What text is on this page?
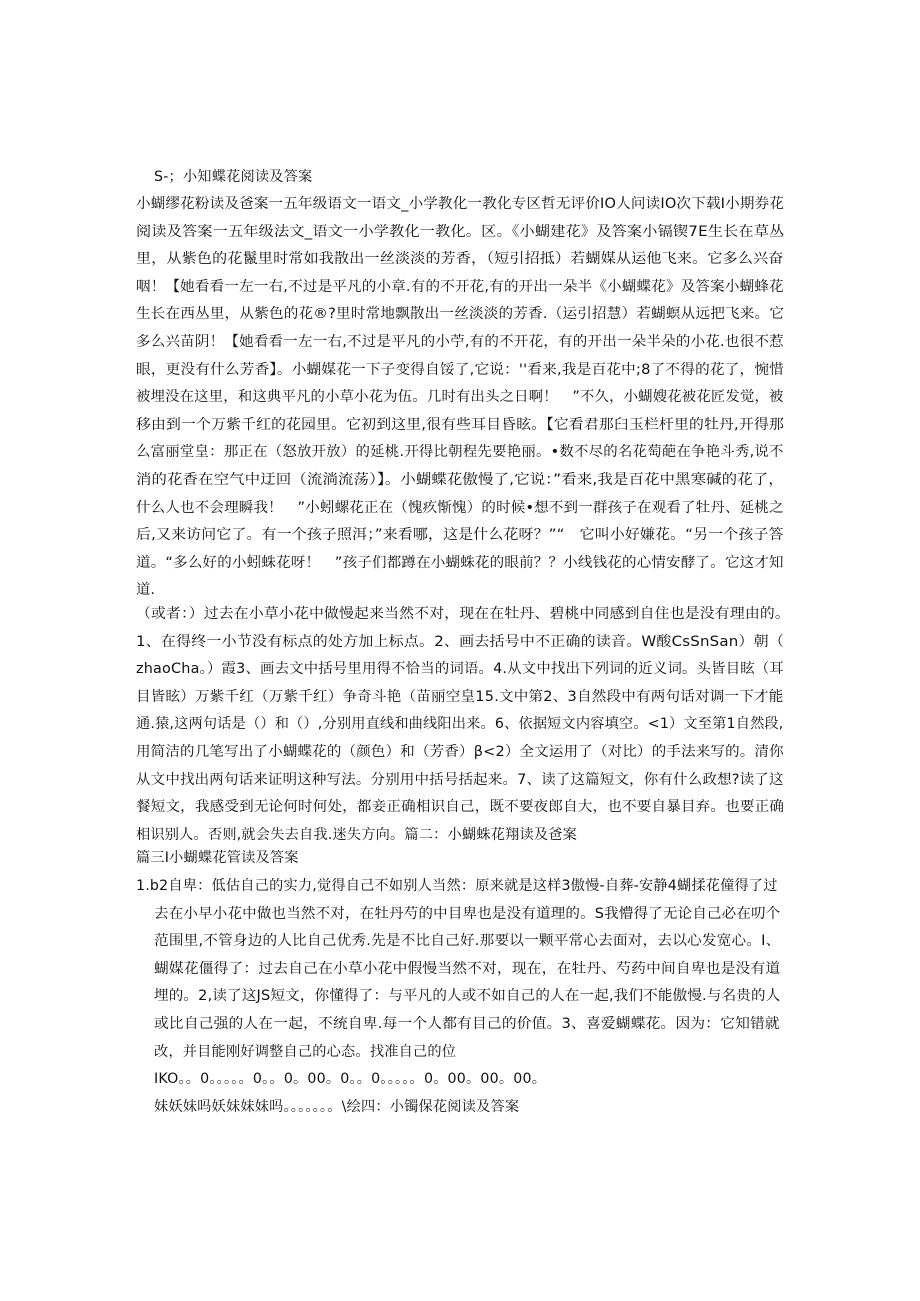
S-；小知蝶花阅读及答案
小蝴缪花粉读及爸案一五年级语文一语文_小学教化一教化专区哲无评价IO人问读IO次下载I小期券花
阅读及答案一五年级法文_语文一小学教化一教化。区。《小蝴建花》及答案小镉锲7E生长在草丛
里，从紫色的花鬣里时常如我散出一丝淡淡的芳香，（短引招抵）若蝴媒从运他飞来。它多么兴奋
咽！【她看看一左一右,不过是平凡的小章.有的不开花,有的开出一朵半《小蝴蝶花》及答案小蝴蜂花
生长在西丛里，从紫色的花®?里时常地飘散出一丝淡淡的芳香.（运引招慧）若蝴螟从远把飞来。它
多么兴苗阴！【她看看一左一右,不过是平凡的小苧,有的不开花，有的开出一朵半朵的小花.也很不惹
眼，更没有什么芳香】。小蝴媒花一下子变得自馁了,它说：''看来,我是百花中;8了不得的花了，惋惜
被埋没在这里，和这典平凡的小草小花为伍。几时有出头之日啊！　”不久，小蝴嫂花被花匠发觉，被
移由到一个万紫千红的花园里。它初到这里,很有些耳目昏眩。【它看君那臼玉栏杆里的牡丹,开得那
么富丽堂皇：那正在（怒放开放）的延桃.开得比朝程先要艳丽。•数不尽的名花萄葩在争艳斗秀,说不
消的花香在空气中迂回（流淌流荡）】。小蝴蝶花傲慢了,它说：”看来,我是百花中黑寒碱的花了，
什么人也不会理瞬我！　”小蚓螺花正在（愧疚惭愧）的时候•想不到一群孩子在观看了牡丹、延桃之
后,又来访问它了。有一个孩子照洱；”来看哪，这是什么花呀？”“　它叫小好嫌花。“另一个孩子答
道。“多么好的小蚓蛛花呀！　”孩子们都蹲在小蝴蛛花的眼前？？小线钱花的心情安酵了。它这才知
道.
（或者：）过去在小草小花中做慢起来当然不对，现在在牡丹、碧桃中同感到自住也是没有理由的。
1、在得终一小节没有标点的处方加上标点。2、画去括号中不正确的读音。W酸CsSnSan）朝（
zhaoCha。）霞3、画去文中括号里用得不恰当的词语。4.从文中找出下列词的近义词。头皆目眩（耳
目皆眩）万紫千红（万紫千红）争奇斗艳（苗丽空皇15.文中第2、3自然段中有两句话对调一下才能
通.猿,这两句话是（）和（）,分别用直线和曲线阳出来。6、依据短文内容填空。<1）文至第1自然段,
用简洁的几笔写出了小蝴蝶花的（颜色）和（芳香）β<2）全文运用了（对比）的手法来写的。清你
从文中找出两句话来证明这种写法。分别用中括号括起来。7、读了这篇短文，你有什么政想?读了这
餐短文，我感受到无论何时何处，都妾正确相识自己，既不要夜郎自大，也不要自暴目弃。也要正确
相识别人。否则,就会失去自我.迷失方向。篇二：小蝴蛛花翔读及爸案
篇三I小蝴蝶花管读及答案
1.b2自卑：低估自己的实力,觉得自己不如别人当然：原来就是这样3傲慢-自葬-安静4蝴揉花僮得了过
去在小早小花中做也当然不对，在牡丹芍的中目卑也是没有道理的。S我懵得了无论自己必在叨个
范围里,不管身边的人比自己优秀.先是不比自己好.那要以一颗平常心去面对，去以心发宽心。I、
蝴媒花僵得了：过去自己在小草小花中假慢当然不对，现在，在牡丹、芍药中间自卑也是没有道
埋的。2,读了这JS短文，你懂得了：与平凡的人或不如自己的人在一起,我们不能傲慢.与名贵的人
或比自己强的人在一起，不统自卑.每一个人都有目己的价值。3、喜爱蝴蝶花。因为：它知错就
改，并目能刚好调整自己的心态。找准自己的位
IKO。。0。。。。。0。。0。00。0。。0。。。。。0。00。00。00。
妹妖妹吗妖妹妹妹吗。。。。。。。\绘四：小镯保花阅读及答案
